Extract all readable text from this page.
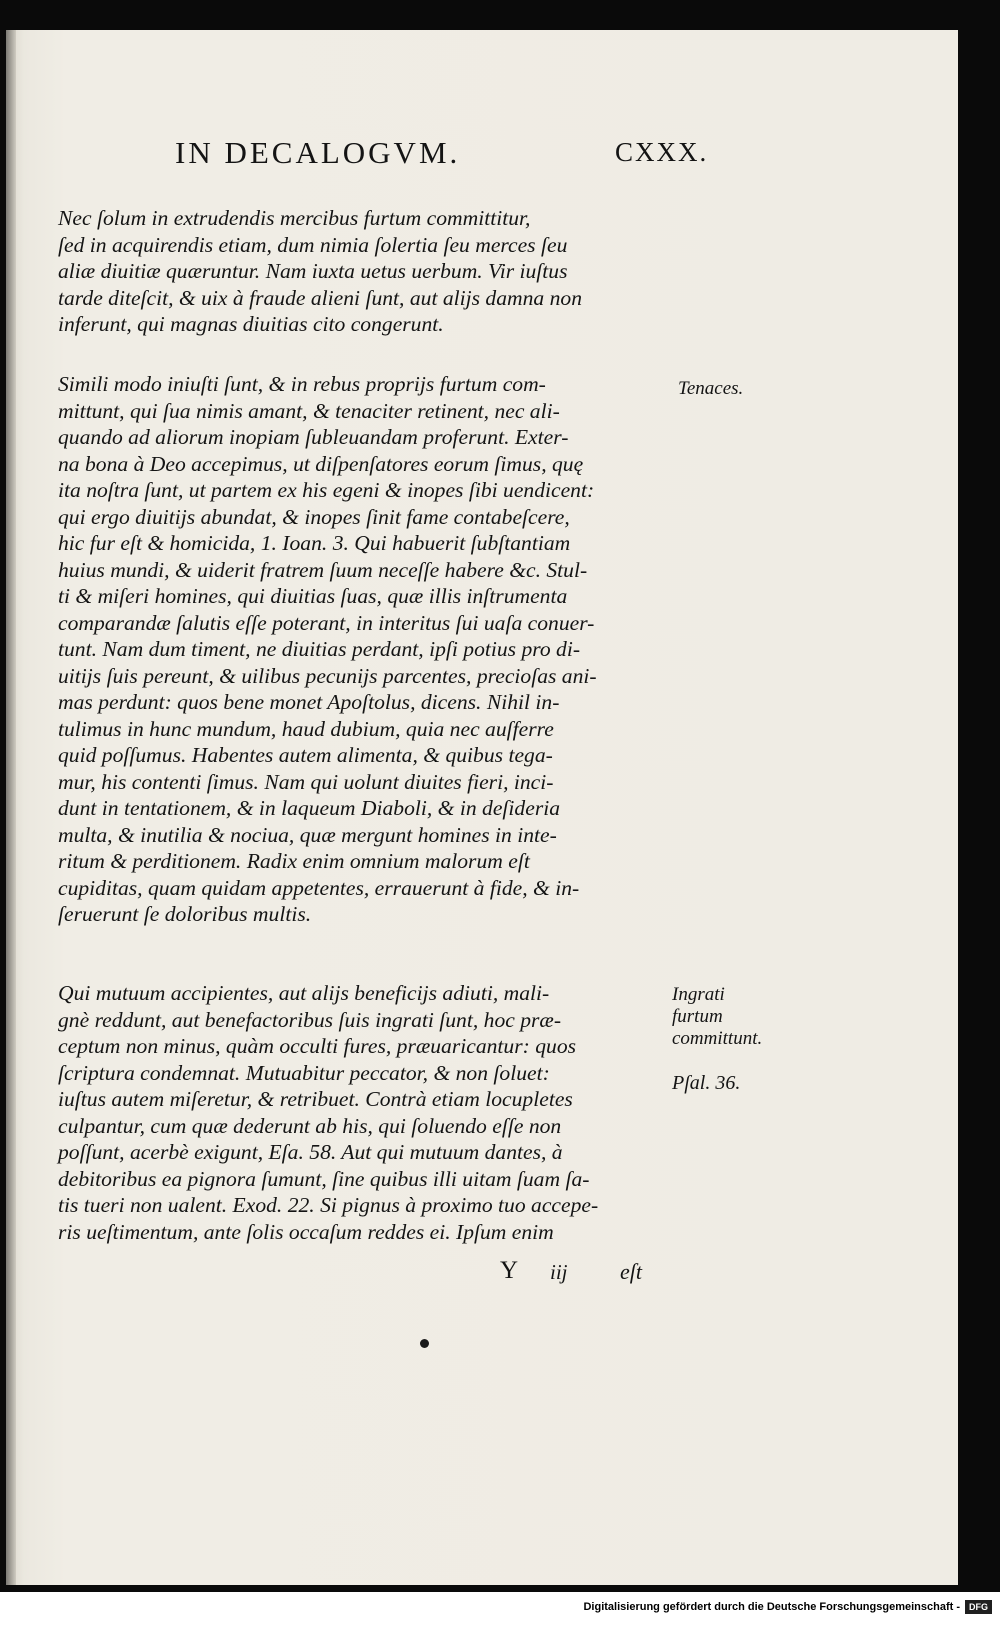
IN DECALOGVM.	CXXX.

Nec ſolum in extrudendis mercibus furtum committitur,
ſed in acquirendis etiam, dum nimia ſolertia ſeu merces ſeu
aliæ diuitiæ quæruntur. Nam iuxta uetus uerbum. Vir iuſtus
tarde diteſcit, & uix à fraude alieni ſunt, aut alijs damna non
inferunt, qui magnas diuitias cito congerunt.

Simili modo iniuſti ſunt, & in rebus proprijs furtum com-
mittunt, qui ſua nimis amant, & tenaciter retinent, nec ali-
quando ad aliorum inopiam ſubleuandam proferunt. Exter-
na bona à Deo accepimus, ut diſpenſatores eorum ſimus, quę
ita noſtra ſunt, ut partem ex his egeni & inopes ſibi uendicent:
qui ergo diuitijs abundat, & inopes ſinit fame contabeſcere,
hic fur eſt & homicida, 1. Ioan. 3. Qui habuerit ſubſtantiam
huius mundi, & uiderit fratrem ſuum neceſſe habere &c. Stul-
ti & miſeri homines, qui diuitias ſuas, quæ illis inſtrumenta
comparandæ ſalutis eſſe poterant, in interitus ſui uaſa conuer-
tunt. Nam dum timent, ne diuitias perdant, ipſi potius pro di-
uitijs ſuis pereunt, & uilibus pecunijs parcentes, precioſas ani-
mas perdunt: quos bene monet Apoſtolus, dicens. Nihil in-
tulimus in hunc mundum, haud dubium, quia nec auſferre
quid poſſumus. Habentes autem alimenta, & quibus tega-
mur, his contenti ſimus. Nam qui uolunt diuites fieri, inci-
dunt in tentationem, & in laqueum Diaboli, & in deſideria
multa, & inutilia & nociua, quæ mergunt homines in inte-
ritum & perditionem. Radix enim omnium malorum eſt
cupiditas, quam quidam appetentes, errauerunt à fide, & in-
ſeruerunt ſe doloribus multis.

Qui mutuum accipientes, aut alijs beneficijs adiuti, mali-
gnè reddunt, aut benefactoribus ſuis ingrati ſunt, hoc præ-
ceptum non minus, quàm occulti fures, præuaricantur: quos
ſcriptura condemnat. Mutuabitur peccator, & non ſoluet:
iuſtus autem miſeretur, & retribuet. Contrà etiam locupletes
culpantur, cum quæ dederunt ab his, qui ſoluendo eſſe non
poſſunt, acerbè exigunt, Eſa. 58. Aut qui mutuum dantes, à
debitoribus ea pignora ſumunt, ſine quibus illi uitam ſuam ſa-
tis tueri non ualent. Exod. 22. Si pignus à proximo tuo accepe-
ris ueſtimentum, ante ſolis occaſum reddes ei. Ipſum enim

Tenaces.
Ingrati
furtum
committunt.
Pſal. 36.
Y iij eſt
Digitalisierung gefördert durch die Deutsche Forschungsgemeinschaft -	DFG
